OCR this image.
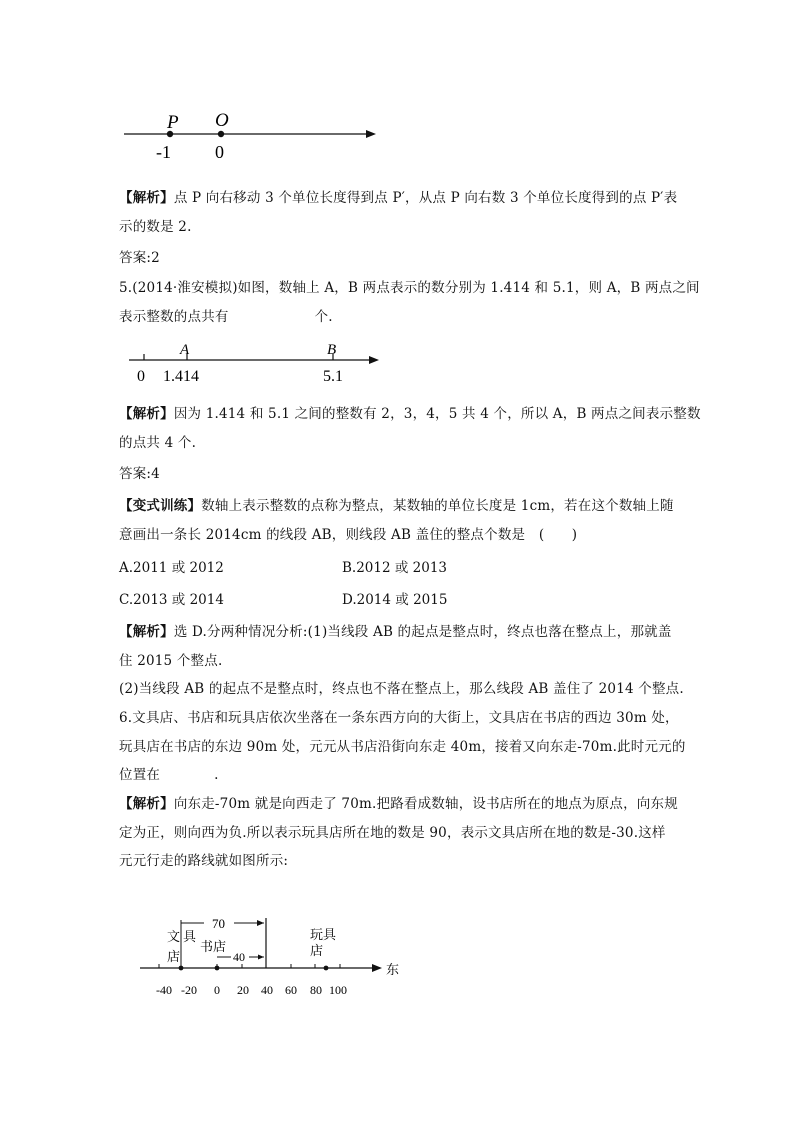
P O
-1 0

【解析】点 P 向右移动 3 个单位长度得到点 P′，从点 P 向右数 3 个单位长度得到的点 P′表
示的数是 2.

答案:2

5.(2014·淮安模拟)如图，数轴上 A，B 两点表示的数分别为 1.414 和 5.1，则 A，B 两点之间
表示整数的点共有	个.

A	B
0 1.414	5.1

【解析】因为 1.414 和 5.1 之间的整数有 2，3，4，5 共 4 个，所以 A，B 两点之间表示整数
的点共 4 个.

答案:4

【变式训练】数轴上表示整数的点称为整点，某数轴的单位长度是 1cm，若在这个数轴上随
意画出一条长 2014cm 的线段 AB，则线段 AB 盖住的整点个数是　(　　)

A.2011 或 2012	B.2012 或 2013
C.2013 或 2014	D.2014 或 2015

【解析】选 D.分两种情况分析:(1)当线段 AB 的起点是整点时，终点也落在整点上，那就盖
住 2015 个整点.
(2)当线段 AB 的起点不是整点时，终点也不落在整点上，那么线段 AB 盖住了 2014 个整点.

6.文具店、书店和玩具店依次坐落在一条东西方向的大街上，文具店在书店的西边 30m 处，
玩具店在书店的东边 90m 处，元元从书店沿街向东走 40m，接着又向东走-70m.此时元元的
位置在	.

【解析】向东走-70m 就是向西走了 70m.把路看成数轴，设书店所在的地点为原点，向东规
定为正，则向西为负.所以表示玩具店所在地的数是 90，表示文具店所在地的数是-30.这样
元元行走的路线就如图所示:

70
40
文 具
店
书店
玩具
店
东
-40 -20 0 20 40 60 80 100
